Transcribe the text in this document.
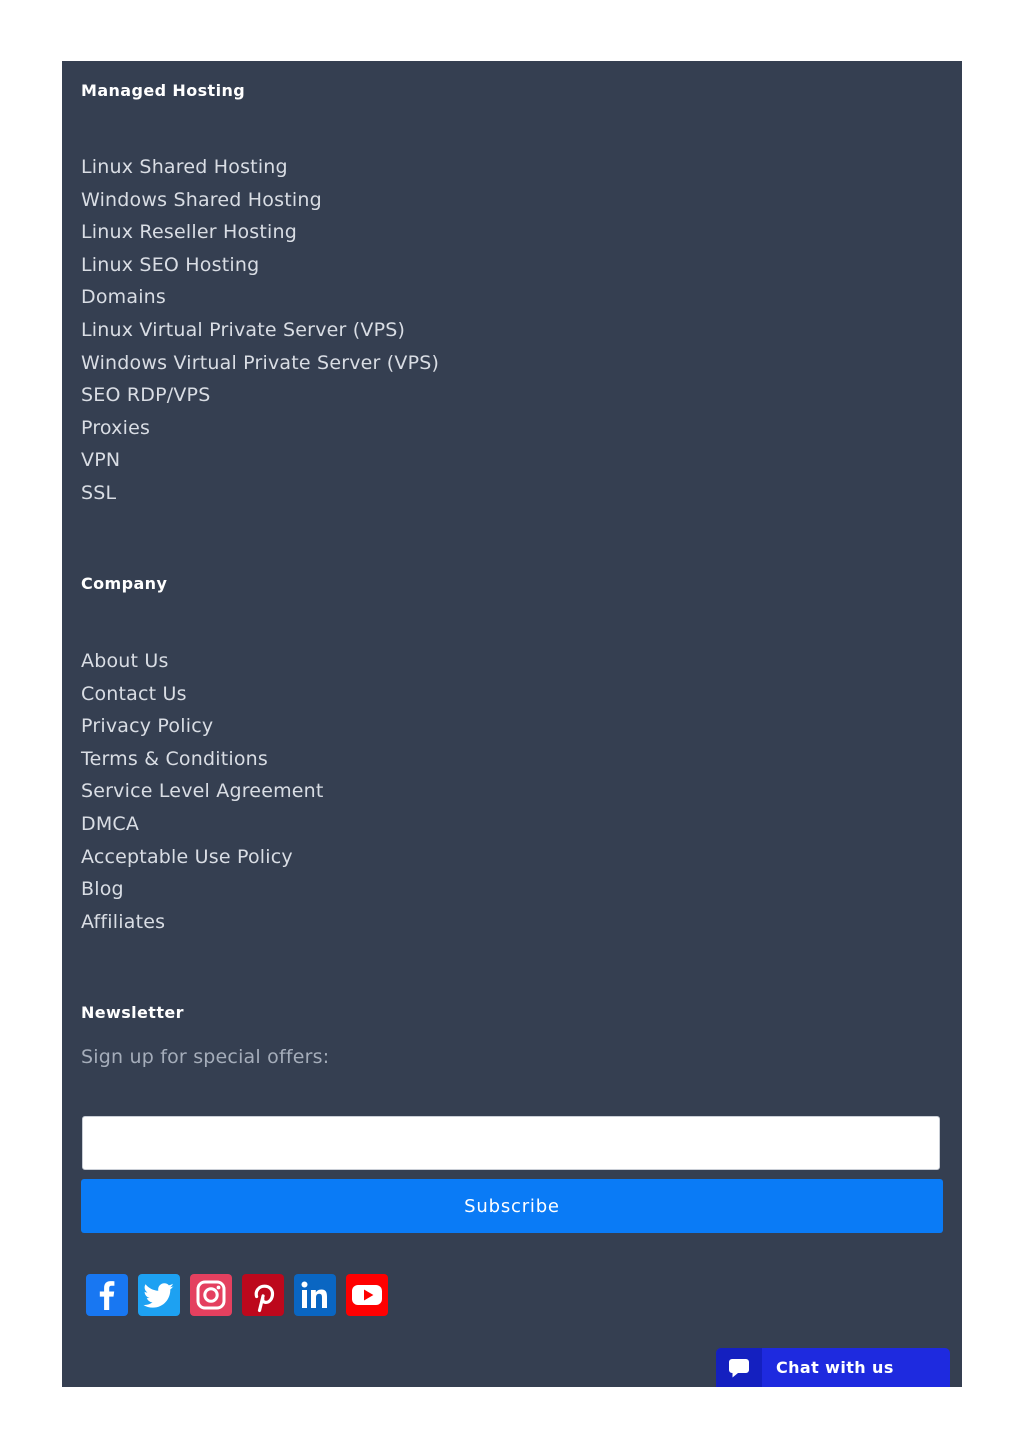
Managed Hosting
Linux Shared Hosting
Windows Shared Hosting
Linux Reseller Hosting
Linux SEO Hosting
Domains
Linux Virtual Private Server (VPS)
Windows Virtual Private Server (VPS)
SEO RDP/VPS
Proxies
VPN
SSL
Company
About Us
Contact Us
Privacy Policy
Terms & Conditions
Service Level Agreement
DMCA
Acceptable Use Policy
Blog
Affiliates
Newsletter

Sign up for special offers:

Subscribe
Chat with us
